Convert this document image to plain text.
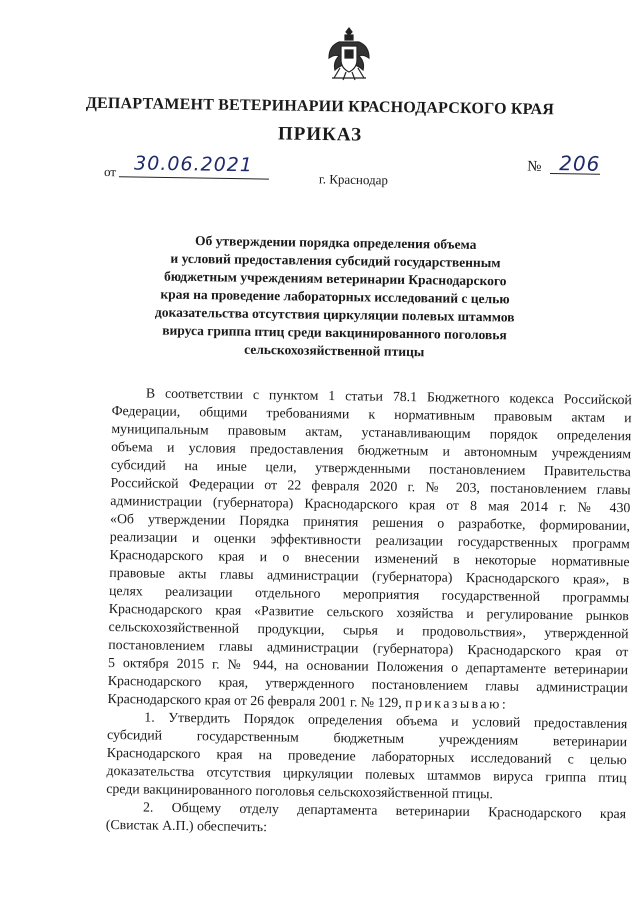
ДЕПАРТАМЕНТ ВЕТЕРИНАРИИ КРАСНОДАРСКОГО КРАЯ
ПРИКАЗ
от 30.06.2021
г. Краснодар
№ 206
Об утверждении порядка определения объема
и условий предоставления субсидий государственным
бюджетным учреждениям ветеринарии Краснодарского
края на проведение лабораторных исследований с целью
доказательства отсутствия циркуляции полевых штаммов
вируса гриппа птиц среди вакцинированного поголовья
сельскохозяйственной птицы
В соответствии с пунктом 1 статьи 78.1 Бюджетного кодекса Российской
Федерации, общими требованиями к нормативным правовым актам и
муниципальным правовым актам, устанавливающим порядок определения
объема и условия предоставления бюджетным и автономным учреждениям
субсидий на иные цели, утвержденными постановлением Правительства
Российской Федерации от 22 февраля 2020 г. № 203, постановлением главы
администрации (губернатора) Краснодарского края от 8 мая 2014 г. № 430
«Об утверждении Порядка принятия решения о разработке, формировании,
реализации и оценки эффективности реализации государственных программ
Краснодарского края и о внесении изменений в некоторые нормативные
правовые акты главы администрации (губернатора) Краснодарского края», в
целях реализации отдельного мероприятия государственной программы
Краснодарского края «Развитие сельского хозяйства и регулирование рынков
сельскохозяйственной продукции, сырья и продовольствия», утвержденной
постановлением главы администрации (губернатора) Краснодарского края от
5 октября 2015 г. № 944, на основании Положения о департаменте ветеринарии
Краснодарского края, утвержденного постановлением главы администрации
Краснодарского края от 26 февраля 2001 г. № 129, приказываю:
1. Утвердить Порядок определения объема и условий предоставления
субсидий государственным бюджетным учреждениям ветеринарии
Краснодарского края на проведение лабораторных исследований с целью
доказательства отсутствия циркуляции полевых штаммов вируса гриппа птиц
среди вакцинированного поголовья сельскохозяйственной птицы.
2. Общему отделу департамента ветеринарии Краснодарского края
(Свистак А.П.) обеспечить:
